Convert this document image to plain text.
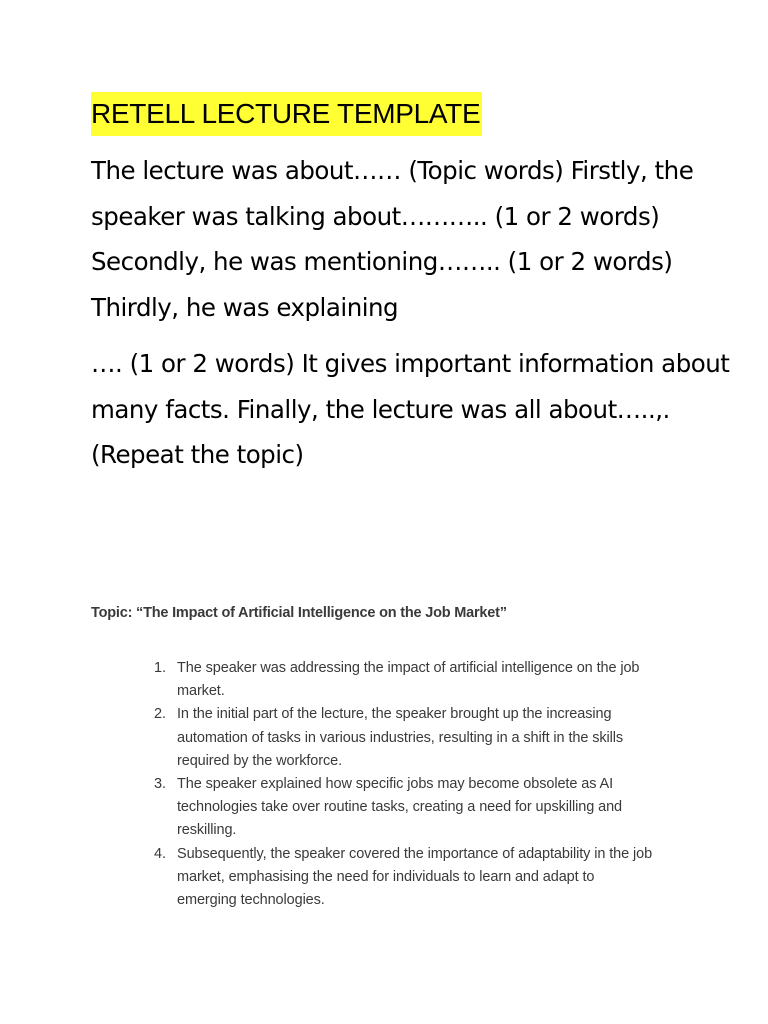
RETELL LECTURE TEMPLATE

The lecture was about…… (Topic words) Firstly, the speaker was talking about……….. (1 or 2 words) Secondly, he was mentioning…….. (1 or 2 words) Thirdly, he was explaining

…. (1 or 2 words) It gives important information about many facts. Finally, the lecture was all about…..,. (Repeat the topic)

Topic: “The Impact of Artificial Intelligence on the Job Market”
1. The speaker was addressing the impact of artificial intelligence on the job market.
2. In the initial part of the lecture, the speaker brought up the increasing automation of tasks in various industries, resulting in a shift in the skills required by the workforce.
3. The speaker explained how specific jobs may become obsolete as AI technologies take over routine tasks, creating a need for upskilling and reskilling.
4. Subsequently, the speaker covered the importance of adaptability in the job market, emphasising the need for individuals to learn and adapt to emerging technologies.
